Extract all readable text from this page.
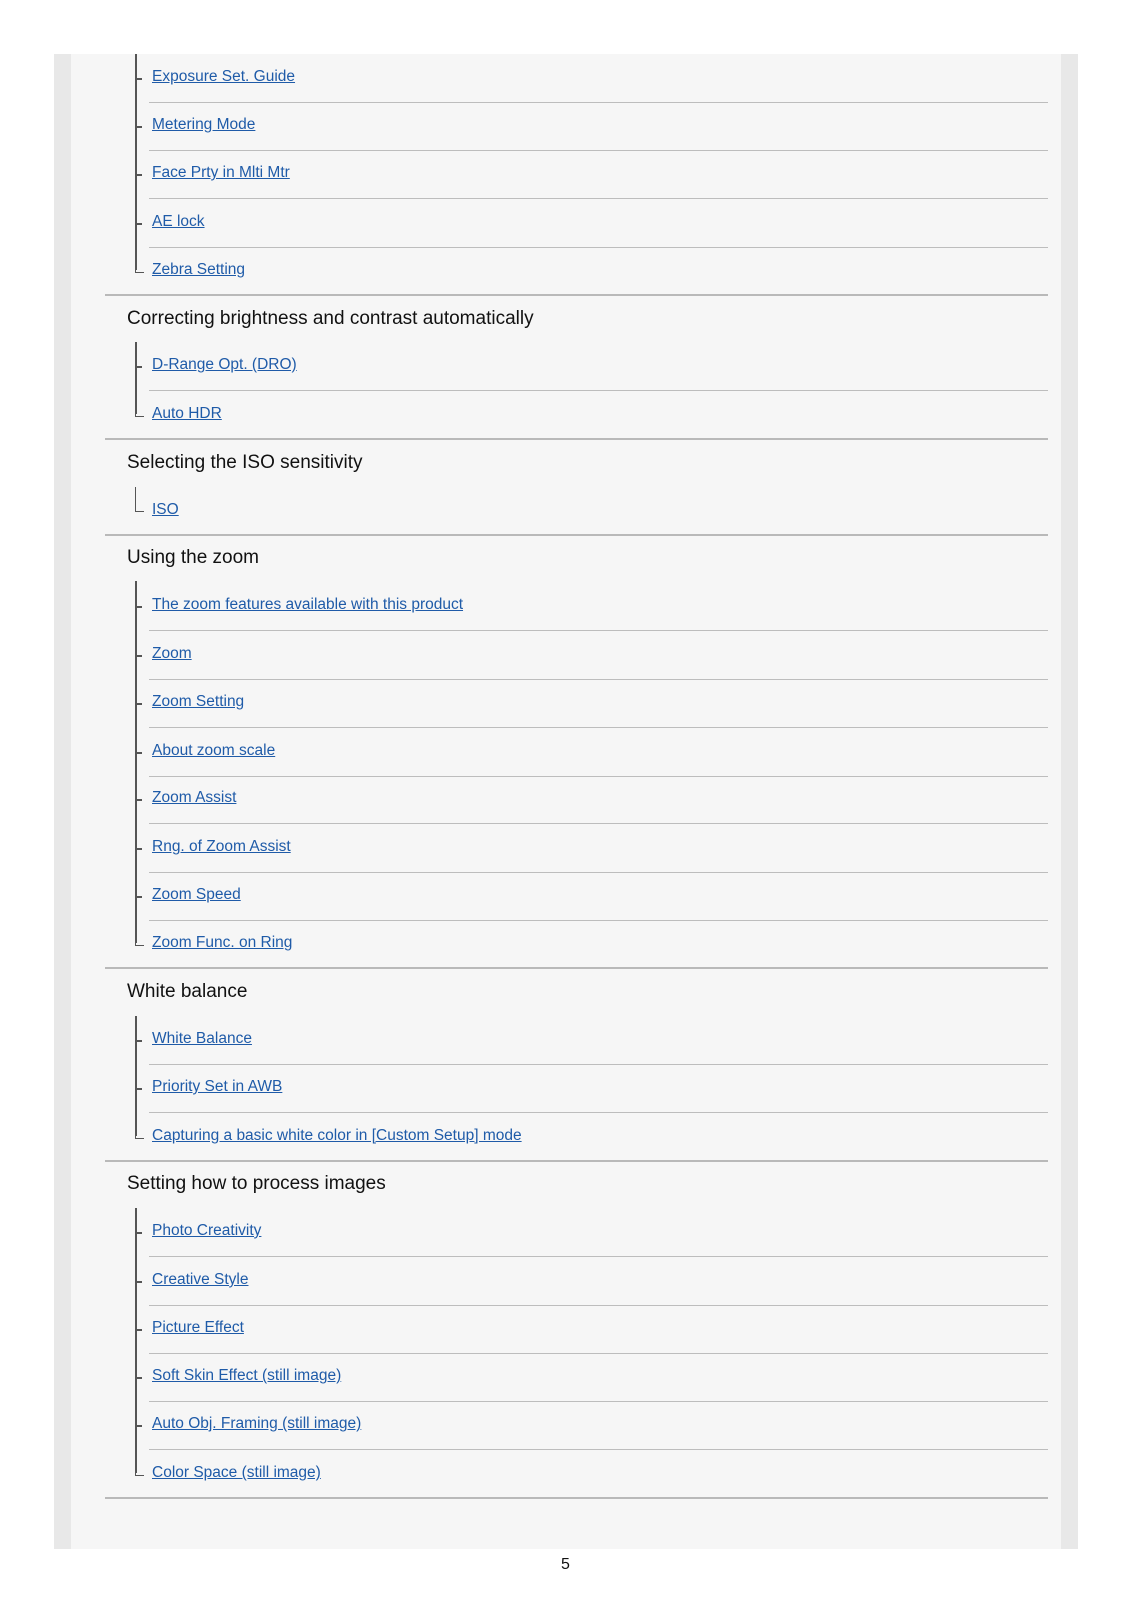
Exposure Set. Guide
Metering Mode
Face Prty in Mlti Mtr
AE lock
Zebra Setting
Correcting brightness and contrast automatically
D-Range Opt. (DRO)
Auto HDR
Selecting the ISO sensitivity
ISO
Using the zoom
The zoom features available with this product
Zoom
Zoom Setting
About zoom scale
Zoom Assist
Rng. of Zoom Assist
Zoom Speed
Zoom Func. on Ring
White balance
White Balance
Priority Set in AWB
Capturing a basic white color in [Custom Setup] mode
Setting how to process images
Photo Creativity
Creative Style
Picture Effect
Soft Skin Effect (still image)
Auto Obj. Framing (still image)
Color Space (still image)
5
